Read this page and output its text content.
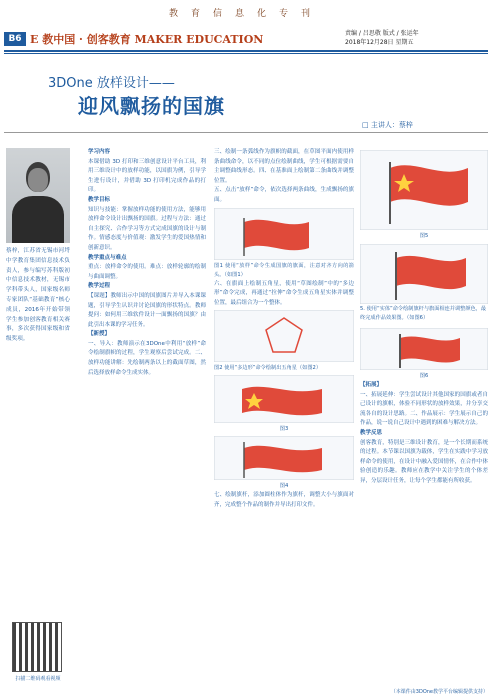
教育信息化专刊
B6 E 教中国 · 创客教育 MAKER EDUCATION	责编 / 吕思敬 版式 / 张运年
2018年12月28日 星期五
3DOne 放样设计——
迎风飘扬的国旗
□ 主讲人：蔡梓
蔡梓，江苏省无锡市河埒中学教育集团信息技术负责人，参与编写苏科版初中信息技术教材，无锡市学科带头人，国家级名师专家团队“基础教育”核心成员，2016年开始带领学生参加创客教育相关赛事，多次获得国家级和省级奖项。
扫描二维码观看视频
学习内容
本课借助 3D 打印和三维创意设计平台工具，利用三维设计中的放样功能，以国旗为例，引导学生进行设计，并借助 3D 打印机完成作品的打印。
教学目标
知识与技能：掌握放样功能的使用方法，能够用放样命令设计出飘扬的国旗。过程与方法：通过自主探究、合作学习等方式完成国旗的设计与制作。情感态度与价值观：激发学生的爱国热情和创新意识。
教学重点与难点
重点：放样命令的使用。难点：放样轮廓的绘制与曲面调整。
教学过程
【课题】教师出示中国的国旗图片并导入本课课题，引导学生认识并讨论国旗的形状特点。教师提问：如何用三维软件设计一面飘扬的国旗？由此引出本课的学习任务。
【新授】
一、导入：教师演示在3DOne中利用“放样”命令绘制旗帜的过程，学生观察后尝试完成。二、放样功能讲解：先绘制两条以上的截面草图，然后选择放样命令生成实体。
三、绘制一条弧线作为旗帜的截面，在草图平面内使用样条曲线命令，以不同的点位绘制曲线，学生可根据需要自主调整曲线形态。四、在基准面上绘制第二条曲线并调整位置。
五、点击“放样”命令，依次选择两条曲线，生成飘扬的旗面。
图1 使用“放样”命令生成国旗的旗面，注意对齐方向的箭头。（如图1）
六、在旗面上绘制五角星，使用“草图绘制”中的“多边形”命令完成，再通过“拉伸”命令生成五角星实体并调整位置，最后组合为一个整体。
图2 使用“多边形”命令绘制出五角星（如图2）
图3
图4
七、绘制旗杆，添加圆柱体作为旗杆，调整大小与旗面对齐，完成整个作品的制作并导出打印文件。
图5
5. 使用“实体”命令绘制旗杆与旗面相连并调整颜色，最终完成作品效果图。（如图6）
图6
【拓展】
一、拓展延伸：学生尝试设计其他国家的国旗或者自己设计的旗帜，体验不同形状的放样效果，并分享交流各自的设计思路。二、作品展示：学生展示自己的作品，说一说自己设计中遇到的困难与解决方法。
教学反思
创客教育，特别是三维设计教育，是一个长期而系统的过程。本节课以国旗为载体，学生在实践中学习放样命令的使用，在设计中融入爱国情怀，在合作中体验创造的乐趣。教师应在教学中关注学生的个体差异，分层设计任务，让每个学生都能有所收获。
（本课件由3DOne教学平台编辑提供支持）
